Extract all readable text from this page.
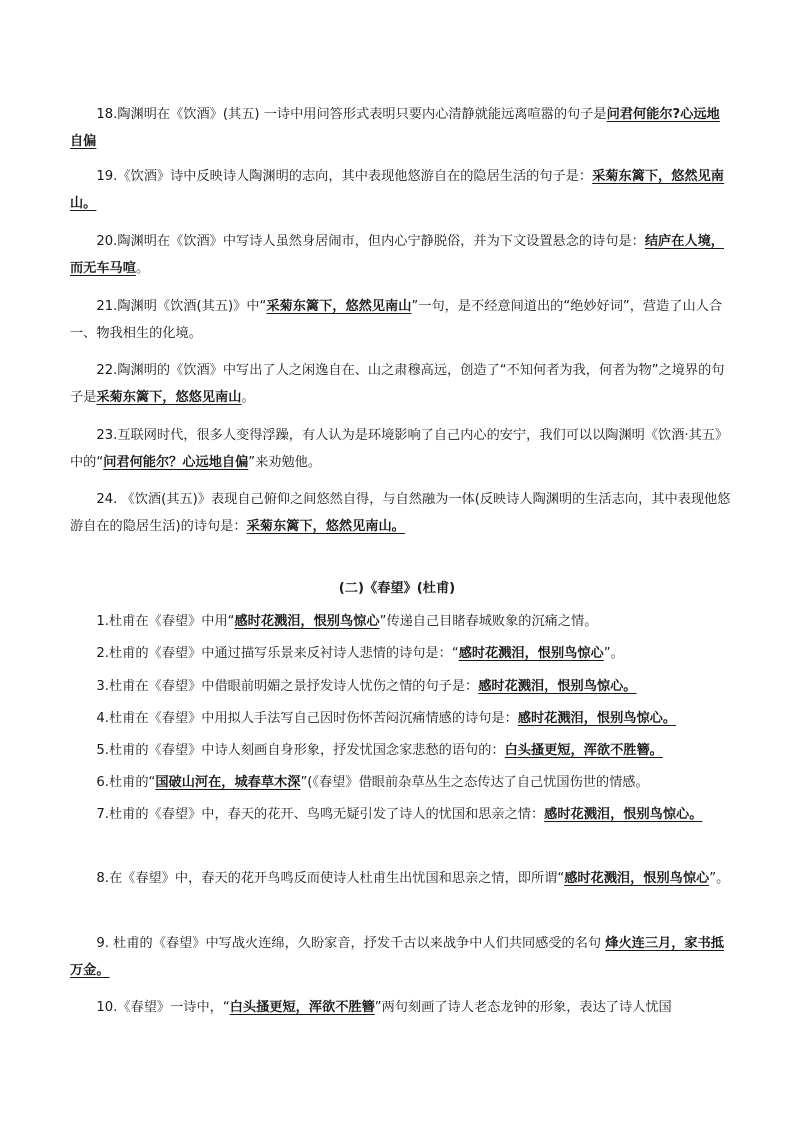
(二)《春望》(杜甫)

18.陶渊明在《饮酒》(其五) 一诗中用问答形式表明只要内心清静就能远离喧嚣的句子是问君何能尔?心远地自偏

19.《饮酒》诗中反映诗人陶渊明的志向，其中表现他悠游自在的隐居生活的句子是：采菊东篱下，悠然见南山。

20.陶渊明在《饮酒》中写诗人虽然身居闹市，但内心宁静脱俗，并为下文设置悬念的诗句是：结庐在人境，而无车马喧。

21.陶渊明《饮酒(其五)》中“采菊东篱下，悠然见南山”一句，是不经意间道出的“绝妙好词”，营造了山人合一、物我相生的化境。

22.陶渊明的《饮酒》中写出了人之闲逸自在、山之肃穆高远，创造了“不知何者为我，何者为物”之境界的句子是采菊东篱下，悠悠见南山。

23.互联网时代，很多人变得浮躁，有人认为是环境影响了自己内心的安宁，我们可以以陶渊明《饮酒·其五》中的“问君何能尔？心远地自偏”来劝勉他。

24. 《饮酒(其五)》表现自己俯仰之间悠然自得，与自然融为一体(反映诗人陶渊明的生活志向，其中表现他悠游自在的隐居生活)的诗句是：采菊东篱下，悠然见南山。

1.杜甫在《春望》中用“感时花溅泪，恨别鸟惊心”传递自己目睹春城败象的沉痛之情。

2.杜甫的《春望》中通过描写乐景来反衬诗人悲情的诗句是：“感时花溅泪，恨别鸟惊心”。

3.杜甫在《春望》中借眼前明媚之景抒发诗人忧伤之情的句子是：感时花溅泪，恨别鸟惊心。

4.杜甫在《春望》中用拟人手法写自己因时伤怀苦闷沉痛情感的诗句是：感时花溅泪，恨别鸟惊心。

5.杜甫的《春望》中诗人刻画自身形象，抒发忧国念家悲愁的语句的：白头搔更短，浑欲不胜簪。

6.杜甫的“国破山河在，城春草木深”(《春望》借眼前杂草丛生之态传达了自己忧国伤世的情感。

7.杜甫的《春望》中，春天的花开、鸟鸣无疑引发了诗人的忧国和思亲之情：感时花溅泪，恨别鸟惊心。

8.在《春望》中，春天的花开鸟鸣反而使诗人杜甫生出忧国和思亲之情，即所谓“感时花溅泪，恨别鸟惊心”。

9. 杜甫的《春望》中写战火连绵，久盼家音，抒发千古以来战争中人们共同感受的名句 烽火连三月，家书抵万金。

10.《春望》一诗中，“白头搔更短，浑欲不胜簪”两句刻画了诗人老态龙钟的形象，表达了诗人忧国
